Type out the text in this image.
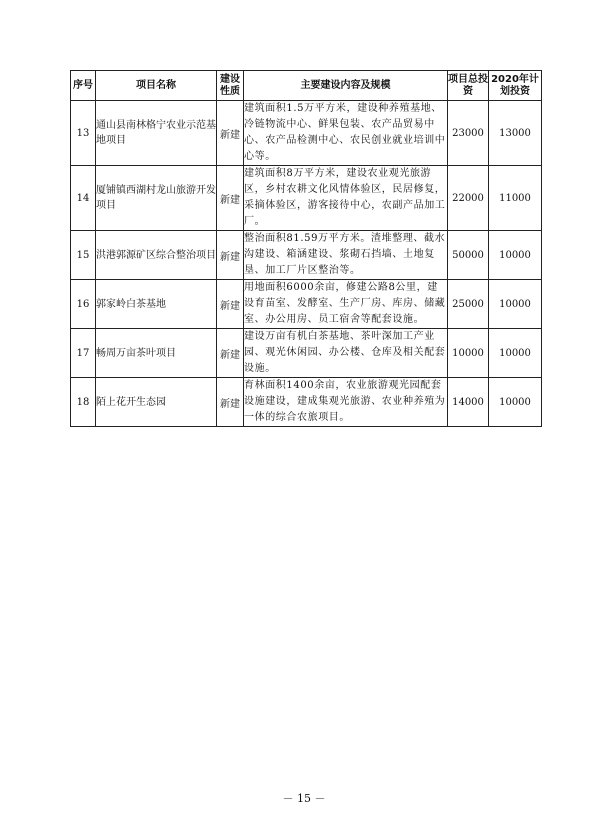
序号	项目名称	建设性质	主要建设内容及规模	项目总投资	2020年计划投资
13	通山县南林格宁农业示范基地项目	新建	建筑面积1.5万平方米，建设种养殖基地、冷链物流中心、鲜果包装、农产品贸易中心、农产品检测中心、农民创业就业培训中心等。	23000	13000
14	厦铺镇西湖村龙山旅游开发项目	新建	建筑面积8万平方米，建设农业观光旅游区，乡村农耕文化风情体验区，民居修复，采摘体验区，游客接待中心，农副产品加工厂。	22000	11000
15	洪港郭源矿区综合整治项目	新建	整治面积81.59万平方米。渣堆整理、截水沟建设、箱涵建设、浆砌石挡墙、土地复垦、加工厂片区整治等。	50000	10000
16	郭家岭白茶基地	新建	用地面积6000余亩，修建公路8公里，建设育苗室、发酵室、生产厂房、库房、储藏室、办公用房、员工宿舍等配套设施。	25000	10000
17	畅周万亩茶叶项目	新建	建设万亩有机白茶基地、茶叶深加工产业园、观光休闲园、办公楼、仓库及相关配套设施。	10000	10000
18	陌上花开生态园	新建	育林面积1400余亩，农业旅游观光园配套设施建设，建成集观光旅游、农业种养殖为一体的综合农旅项目。	14000	10000
－ 15 －
